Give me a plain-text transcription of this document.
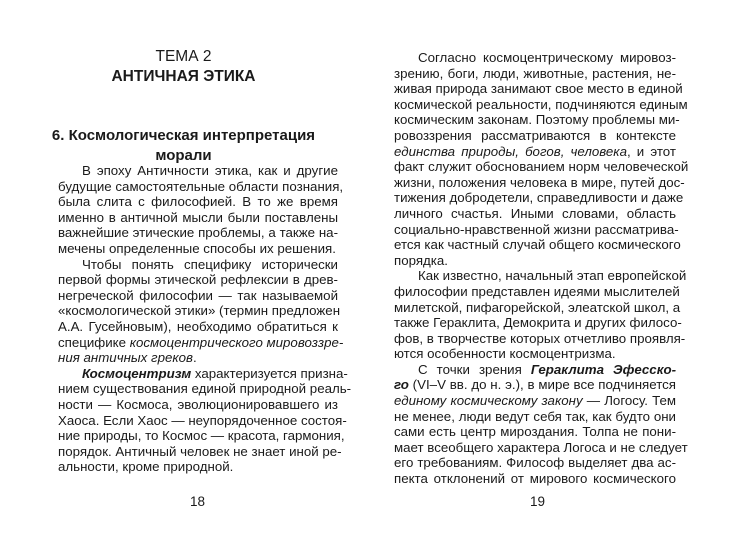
ТЕМА 2
АНТИЧНАЯ ЭТИКА
6. Космологическая интерпретация
морали
В эпоху Античности этика, как и другие
будущие самостоятельные области познания,
была слита с философией. В то же время
именно в античной мысли были поставлены
важнейшие этические проблемы, а также на-
мечены определенные способы их решения.
Чтобы понять специфику исторически
первой формы этической рефлексии в древ-
негреческой философии — так называемой
«космологической этики» (термин предложен
А.А. Гусейновым), необходимо обратиться к
специфике космоцентрического мировоззре-
ния античных греков.
Космоцентризм характеризуется призна-
нием существования единой природной реаль-
ности — Космоса, эволюционировавшего из
Хаоса. Если Хаос — неупорядоченное состоя-
ние природы, то Космос — красота, гармония,
порядок. Античный человек не знает иной ре-
альности, кроме природной.
18
Согласно космоцентрическому мировоз-
зрению, боги, люди, животные, растения, не-
живая природа занимают свое место в единой
космической реальности, подчиняются единым
космическим законам. Поэтому проблемы ми-
ровоззрения рассматриваются в контексте
единства природы, богов, человека, и этот
факт служит обоснованием норм человеческой
жизни, положения человека в мире, путей дос-
тижения добродетели, справедливости и даже
личного счастья. Иными словами, область
социально-нравственной жизни рассматрива-
ется как частный случай общего космического
порядка.
Как известно, начальный этап европейской
философии представлен идеями мыслителей
милетской, пифагорейской, элеатской школ, а
также Гераклита, Демокрита и других филосо-
фов, в творчестве которых отчетливо проявля-
ются особенности космоцентризма.
С точки зрения Гераклита Эфесско-
го (VI–V вв. до н. э.), в мире все подчиняется
единому космическому закону — Логосу. Тем
не менее, люди ведут себя так, как будто они
сами есть центр мироздания. Толпа не пони-
мает всеобщего характера Логоса и не следует
его требованиям. Философ выделяет два ас-
пекта отклонений от мирового космического
19
